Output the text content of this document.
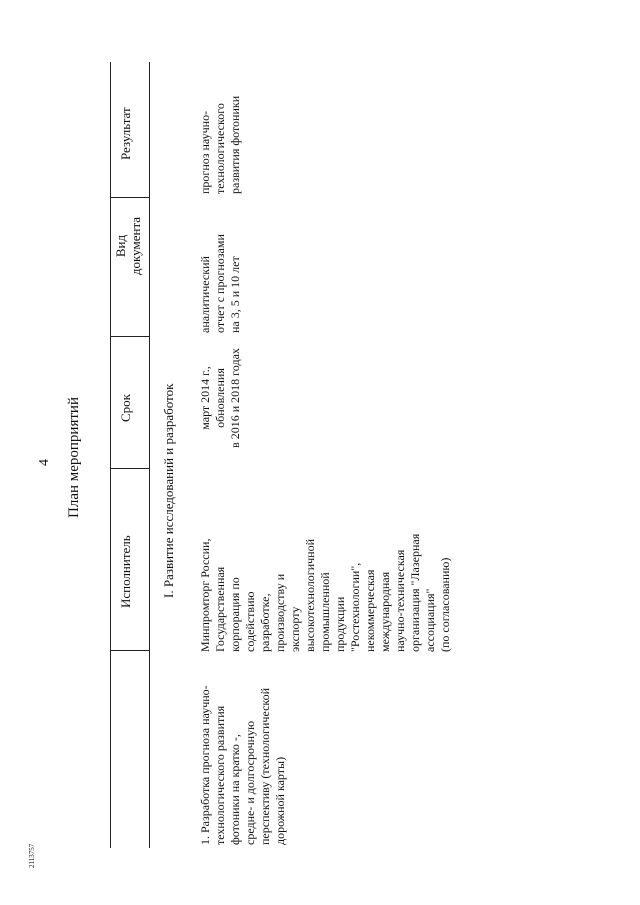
4 План мероприятий
Исполнитель
Срок
Вид документа
Результат
I. Развитие исследований и разработок
1. Разработка прогноза научно- технологического развития фотоники на кратко -, средне- и долгосрочную перспективу (технологической дорожной карты)
Минпромторг России, Государственная корпорация по содействию разработке, производству и экспорту высокотехнологичной промышленной продукции "Ростехнологии", некоммерческая международная научно-техническая организация "Лазерная ассоциация" (по согласованию)
март 2014 г., обновления в 2016 и 2018 годах
аналитический отчет с прогнозами на 3, 5 и 10 лет
прогноз научно- технологического развития фотоники
2113757
